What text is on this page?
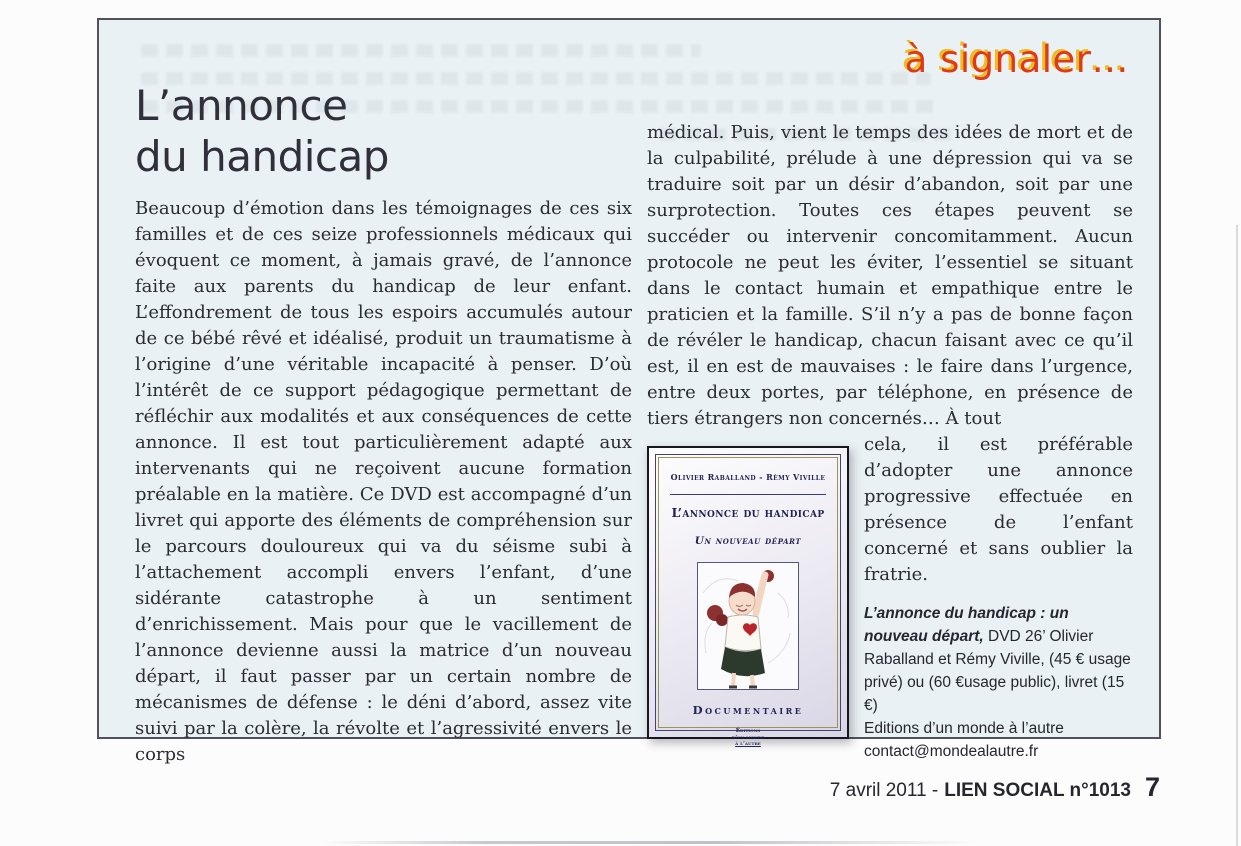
à signaler…
L’annonce
du handicap

Beaucoup d’émotion dans les témoignages de ces six familles et de ces seize professionnels médicaux qui évoquent ce moment, à jamais gravé, de l’annonce faite aux parents du handicap de leur enfant. L’effondrement de tous les espoirs accumulés autour de ce bébé rêvé et idéalisé, produit un traumatisme à l’origine d’une véritable incapacité à penser. D’où l’intérêt de ce support pédagogique permettant de réfléchir aux modalités et aux conséquences de cette annonce. Il est tout particulièrement adapté aux intervenants qui ne reçoivent aucune formation préalable en la matière. Ce DVD est accompagné d’un livret qui apporte des éléments de compréhension sur le parcours douloureux qui va du séisme subi à l’attachement accompli envers l’enfant, d’une sidérante catastrophe à un sentiment d’enrichissement. Mais pour que le vacillement de l’annonce devienne aussi la matrice d’un nouveau départ, il faut passer par un certain nombre de mécanismes de défense : le déni d’abord, assez vite suivi par la colère, la révolte et l’agressivité envers le corps

médical. Puis, vient le temps des idées de mort et de la culpabilité, prélude à une dépression qui va se traduire soit par un désir d’abandon, soit par une surprotection. Toutes ces étapes peuvent se succéder ou intervenir concomitamment. Aucun protocole ne peut les éviter, l’essentiel se situant dans le contact humain et empathique entre le praticien et la famille. S’il n’y a pas de bonne façon de révéler le handicap, chacun faisant avec ce qu’il est, il en est de mauvaises : le faire dans l’urgence, entre deux portes, par téléphone, en présence de tiers étrangers non concernés… À tout

Olivier Raballand - Rémy Viville
L’annonce du handicap
Un nouveau départ
Documentaire
Éditions
d’un monde
à l’autre

cela, il est préférable d’adopter une annonce progressive effectuée en présence de l’enfant concerné et sans oublier la fratrie.

L’annonce du handicap : un nouveau départ, DVD 26’ Olivier Raballand et Rémy Viville, (45 € usage privé) ou (60 €usage public), livret (15 €)

Editions d’un monde à l’autre
contact@mondealautre.fr
7 avril 2011 - LIEN SOCIAL n°1013 7
